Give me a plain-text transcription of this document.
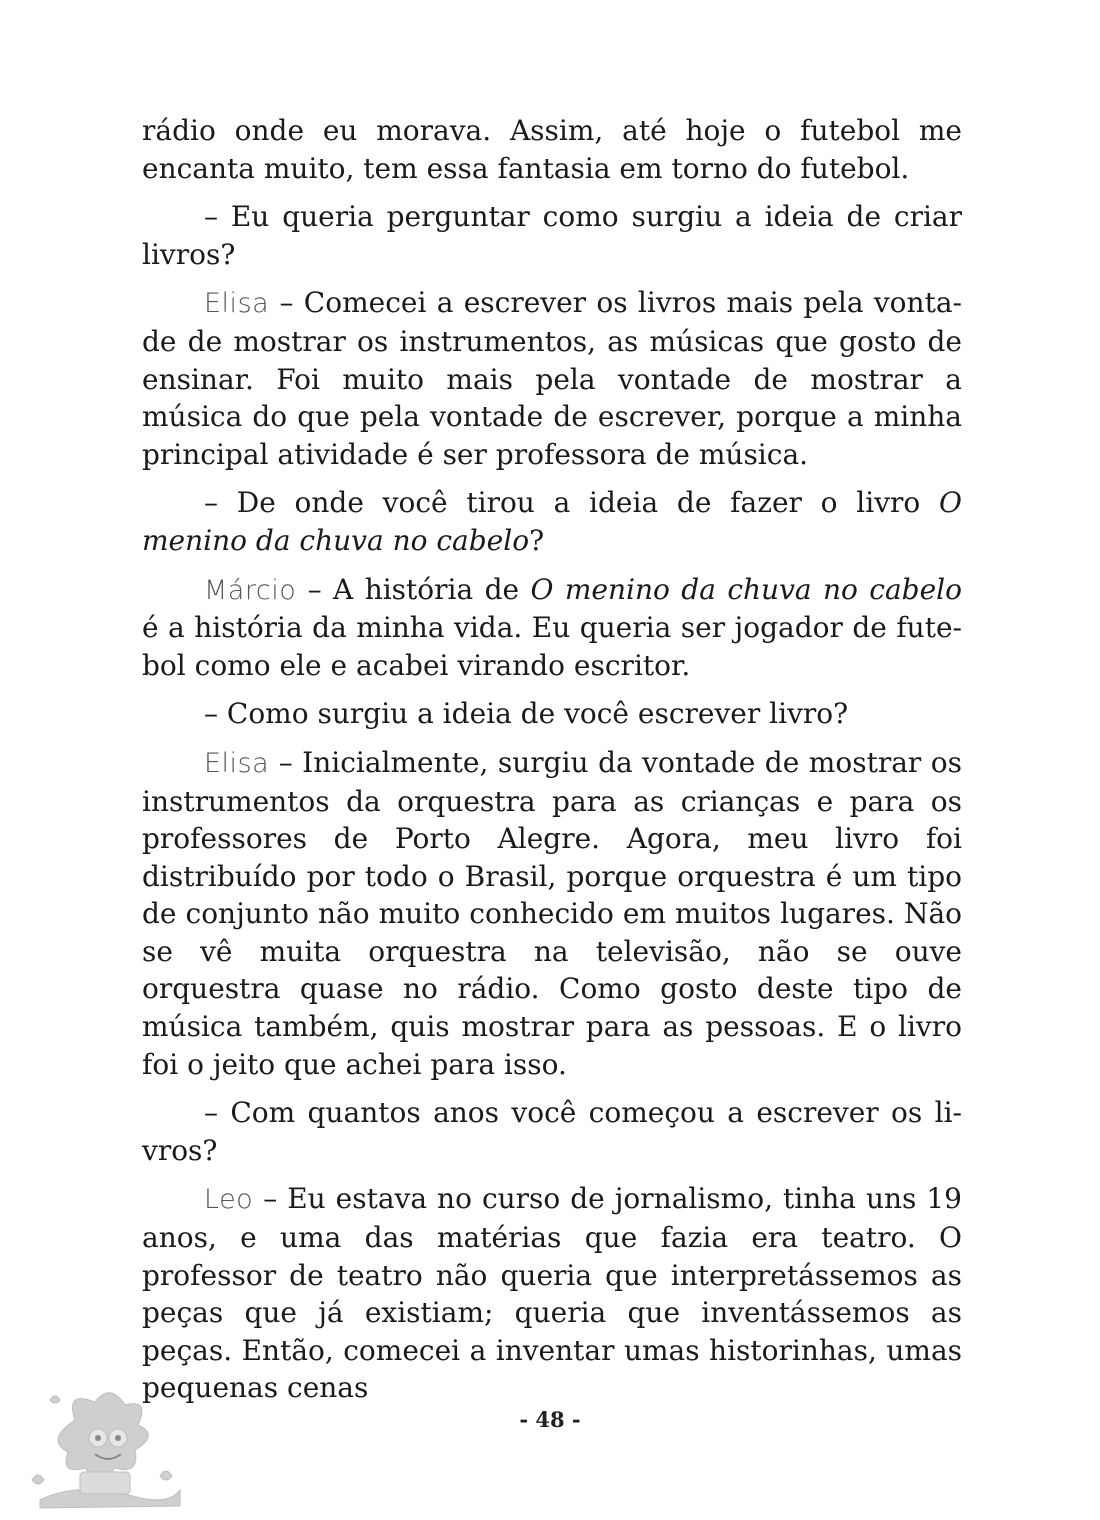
rádio onde eu morava. Assim, até hoje o futebol me encanta muito, tem essa fantasia em torno do futebol.

– Eu queria perguntar como surgiu a ideia de criar livros?

Elisa – Comecei a escrever os livros mais pela vontade de mostrar os instrumentos, as músicas que gosto de ensinar. Foi muito mais pela vontade de mostrar a música do que pela vontade de escrever, porque a minha principal atividade é ser professora de música.

– De onde você tirou a ideia de fazer o livro O menino da chuva no cabelo?

Márcio – A história de O menino da chuva no cabelo é a história da minha vida. Eu queria ser jogador de futebol como ele e acabei virando escritor.

– Como surgiu a ideia de você escrever livro?

Elisa – Inicialmente, surgiu da vontade de mostrar os instrumentos da orquestra para as crianças e para os professores de Porto Alegre. Agora, meu livro foi distribuído por todo o Brasil, porque orquestra é um tipo de conjunto não muito conhecido em muitos lugares. Não se vê muita orquestra na televisão, não se ouve orquestra quase no rádio. Como gosto deste tipo de música também, quis mostrar para as pessoas. E o livro foi o jeito que achei para isso.

– Com quantos anos você começou a escrever os livros?

Leo – Eu estava no curso de jornalismo, tinha uns 19 anos, e uma das matérias que fazia era teatro. O professor de teatro não queria que interpretássemos as peças que já existiam; queria que inventássemos as peças. Então, comecei a inventar umas historinhas, umas pequenas cenas

- 48 -
